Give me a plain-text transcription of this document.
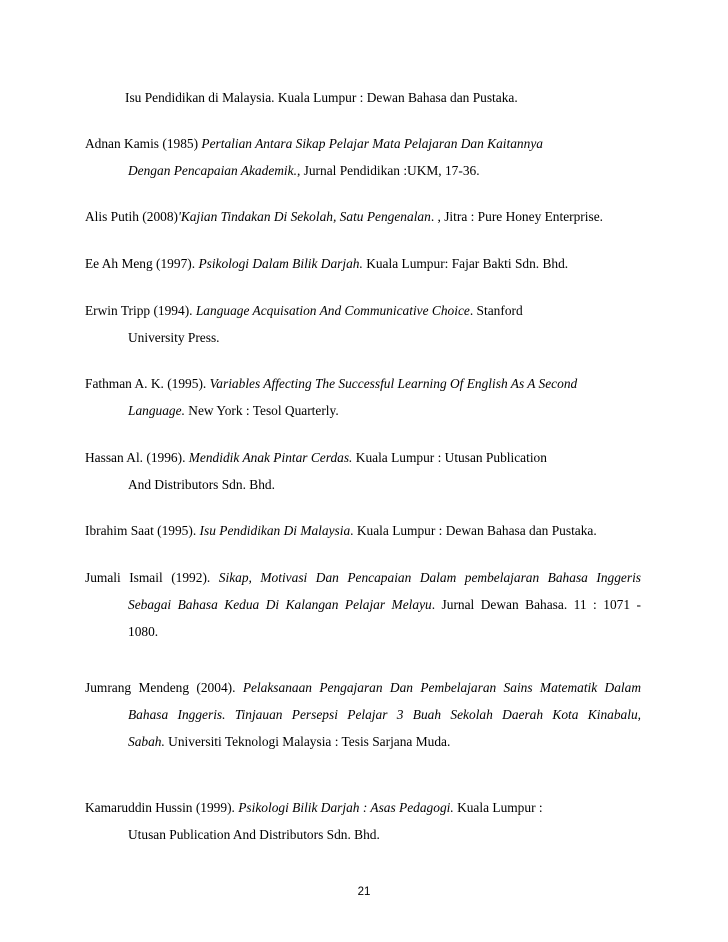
Isu Pendidikan di Malaysia. Kuala Lumpur : Dewan Bahasa dan Pustaka.
Adnan Kamis (1985) Pertalian Antara Sikap Pelajar Mata Pelajaran Dan Kaitannya
Dengan Pencapaian Akademik., Jurnal Pendidikan :UKM, 17-36.
Alis Putih (2008)'Kajian Tindakan Di Sekolah, Satu Pengenalan. , Jitra : Pure Honey Enterprise.
Ee Ah Meng (1997). Psikologi Dalam Bilik Darjah. Kuala Lumpur: Fajar Bakti Sdn. Bhd.
Erwin Tripp (1994). Language Acquisation And Communicative Choice. Stanford
University Press.
Fathman A. K. (1995). Variables Affecting The Successful Learning Of English As A Second
Language. New York : Tesol Quarterly.
Hassan Al. (1996). Mendidik Anak Pintar Cerdas. Kuala Lumpur : Utusan Publication
And Distributors Sdn. Bhd.
Ibrahim Saat (1995). Isu Pendidikan Di Malaysia. Kuala Lumpur : Dewan Bahasa dan Pustaka.
Jumali Ismail (1992). Sikap, Motivasi Dan Pencapaian Dalam pembelajaran Bahasa Inggeris
Sebagai Bahasa Kedua Di Kalangan Pelajar Melayu. Jurnal Dewan Bahasa. 11 : 1071 -
1080.
Jumrang Mendeng (2004). Pelaksanaan Pengajaran Dan Pembelajaran Sains Matematik Dalam
Bahasa Inggeris. Tinjauan Persepsi Pelajar 3 Buah Sekolah Daerah Kota Kinabalu,
Sabah. Universiti Teknologi Malaysia : Tesis Sarjana Muda.
Kamaruddin Hussin (1999). Psikologi Bilik Darjah : Asas Pedagogi. Kuala Lumpur :
Utusan Publication And Distributors Sdn. Bhd.
21
